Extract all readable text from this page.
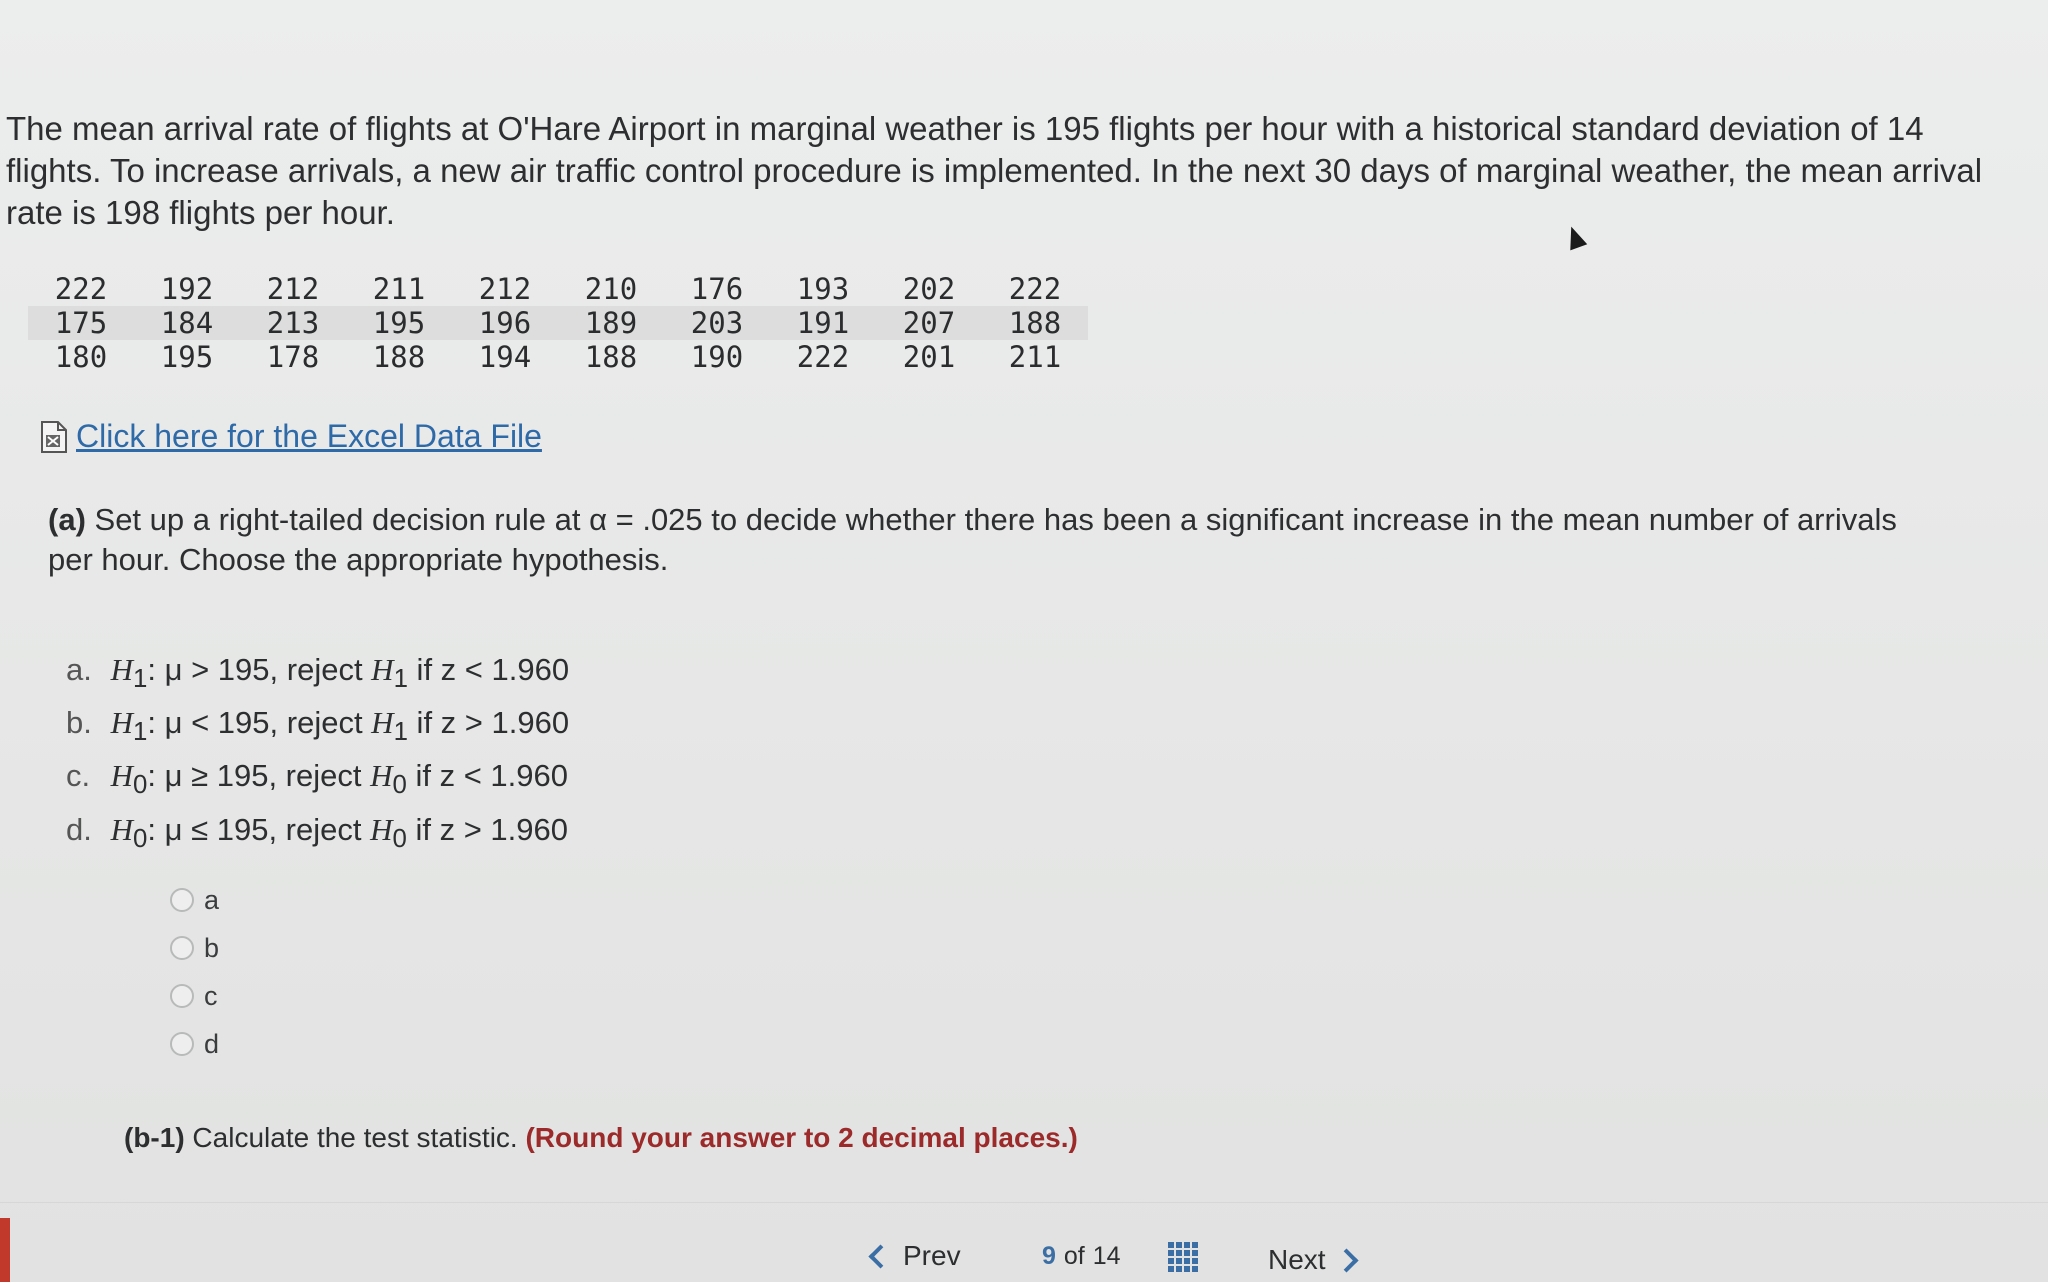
The mean arrival rate of flights at O'Hare Airport in marginal weather is 195 flights per hour with a historical standard deviation of 14 flights. To increase arrivals, a new air traffic control procedure is implemented. In the next 30 days of marginal weather, the mean arrival rate is 198 flights per hour.
222	192	212	211	212	210	176	193	202	222
175	184	213	195	196	189	203	191	207	188
180	195	178	188	194	188	190	222	201	211
Click here for the Excel Data File
(a) Set up a right-tailed decision rule at α = .025 to decide whether there has been a significant increase in the mean number of arrivals per hour. Choose the appropriate hypothesis.
a. $H_1$: μ > 195, reject $H_1$ if z < 1.960
b. $H_1$: μ < 195, reject $H_1$ if z > 1.960
c. $H_0$: μ ≥ 195, reject $H_0$ if z < 1.960
d. $H_0$: μ ≤ 195, reject $H_0$ if z > 1.960
a
b
c
d
(b-1) Calculate the test statistic. (Round your answer to 2 decimal places.)
Prev	9 of 14	Next
